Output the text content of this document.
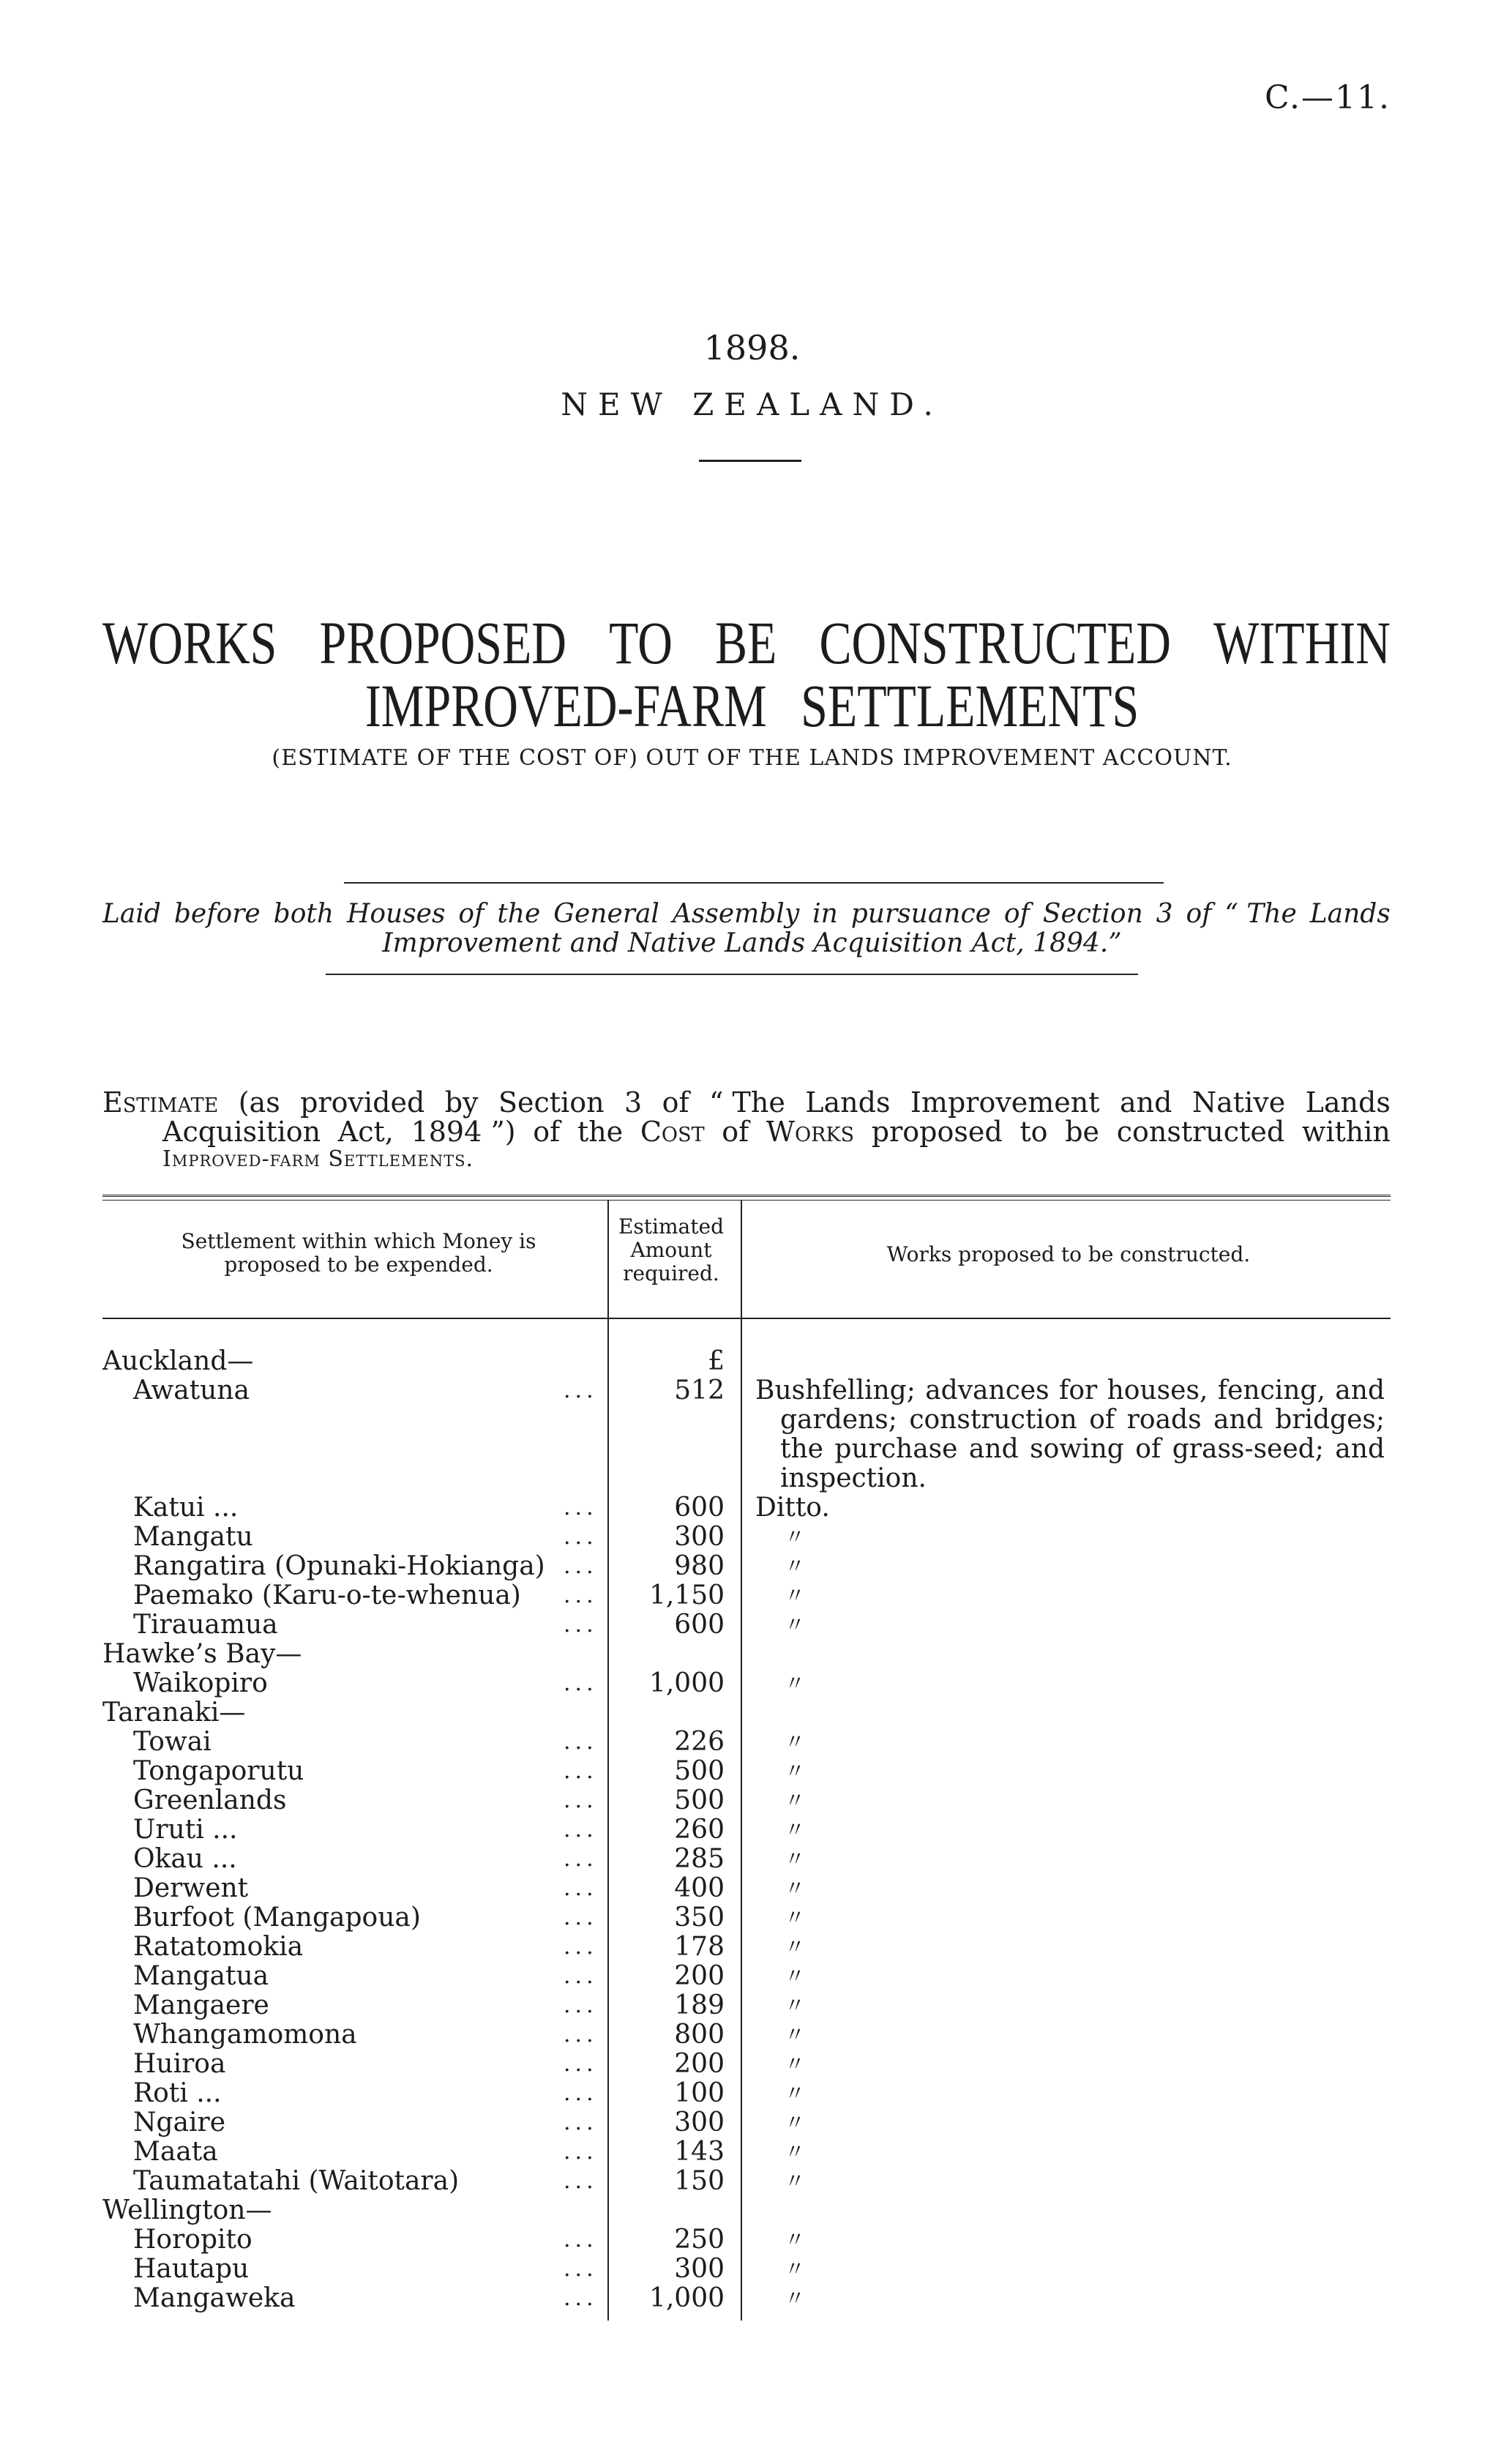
C.—11.
1898.
NEW ZEALAND.
WORKS PROPOSED TO BE CONSTRUCTED WITHIN
IMPROVED-FARM SETTLEMENTS
(ESTIMATE OF THE COST OF) OUT OF THE LANDS IMPROVEMENT ACCOUNT.
Laid before both Houses of the General Assembly in pursuance of Section 3 of “ The Lands
Improvement and Native Lands Acquisition Act, 1894.”
Estimate (as provided by Section 3 of “ The Lands Improvement and Native Lands
Acquisition Act, 1894 ”) of the Cost of Works proposed to be constructed within
Improved-farm Settlements.
Settlement within which Money is proposed to be expended.
Estimated Amount required.
Works proposed to be constructed.
Auckland—	£
Awatuna	...	512 Bushfelling; advances for houses, fencing, and gardens; construction of roads and bridges; the purchase and sowing of grass-seed; and inspection.
Katui ...	...	600 Ditto.
Mangatu	...	300	〃
Rangatira (Opunaki-Hokianga) ...	980	〃
Paemako (Karu-o-te-whenua) ...	1,150	〃
Tirauamua	...	600	〃
Hawke’s Bay—
Waikopiro	...	1,000	〃
Taranaki—
Towai	...	226	〃
Tongaporutu	...	500	〃
Greenlands	...	500	〃
Uruti ...	...	260	〃
Okau ...	...	285	〃
Derwent	...	400	〃
Burfoot (Mangapoua)	...	350	〃
Ratatomokia	...	178	〃
Mangatua	...	200	〃
Mangaere	...	189	〃
Whangamomona	...	800	〃
Huiroa	...	200	〃
Roti ...	...	100	〃
Ngaire	...	300	〃
Maata	...	143	〃
Taumatatahi (Waitotara)	...	150	〃
Wellington—
Horopito	...	250	〃
Hautapu	...	300	〃
Mangaweka	...	1,000	〃
